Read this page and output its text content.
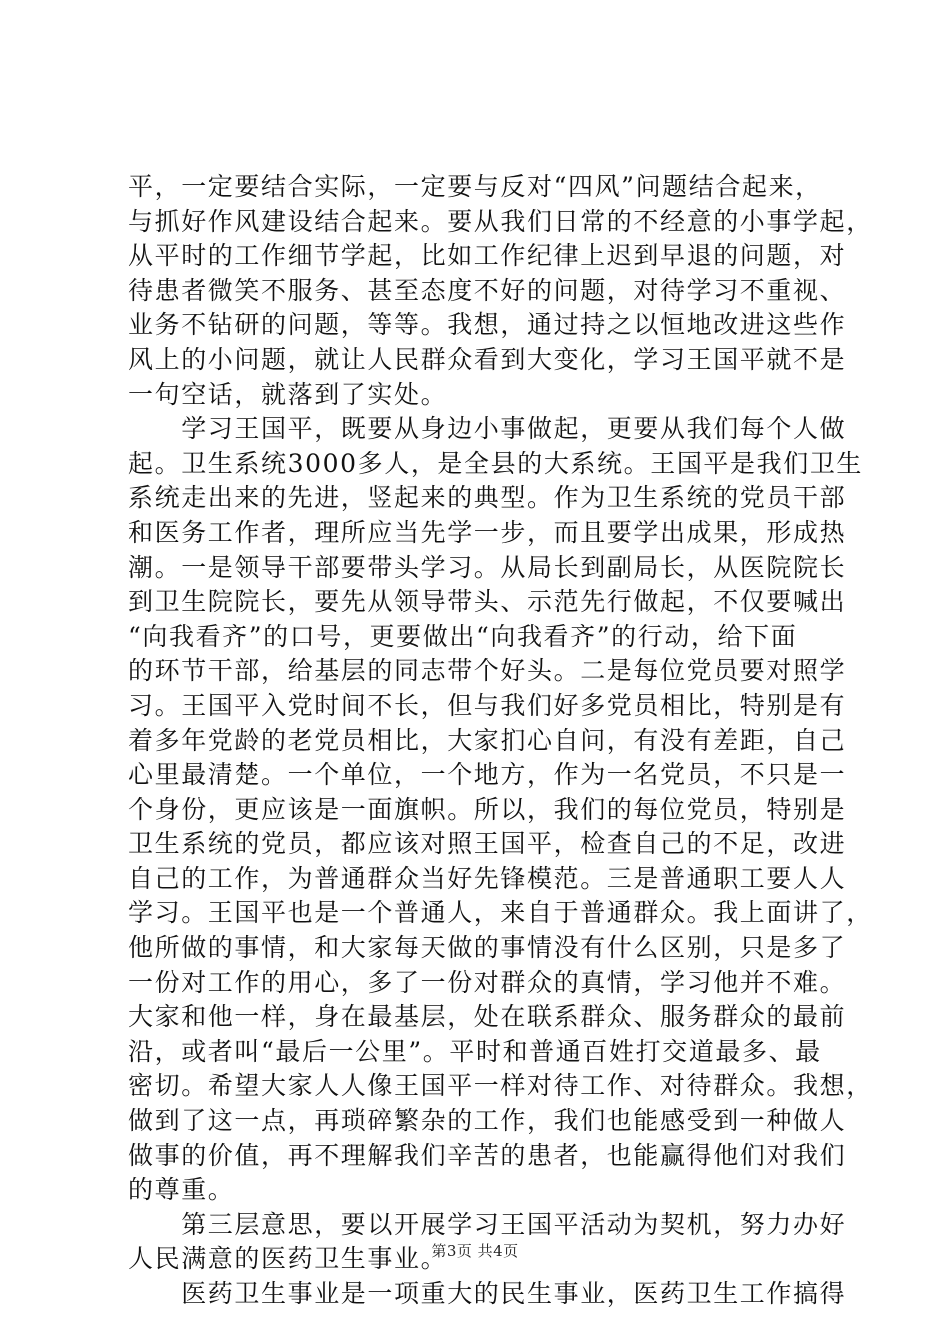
平，一定要结合实际，一定要与反对“四风”问题结合起来，
与抓好作风建设结合起来。要从我们日常的不经意的小事学起，
从平时的工作细节学起，比如工作纪律上迟到早退的问题，对
待患者微笑不服务、甚至态度不好的问题，对待学习不重视、
业务不钻研的问题，等等。我想，通过持之以恒地改进这些作
风上的小问题，就让人民群众看到大变化，学习王国平就不是
一句空话，就落到了实处。
　　学习王国平，既要从身边小事做起，更要从我们每个人做
起。卫生系统3000多人，是全县的大系统。王国平是我们卫生
系统走出来的先进，竖起来的典型。作为卫生系统的党员干部
和医务工作者，理所应当先学一步，而且要学出成果，形成热
潮。一是领导干部要带头学习。从局长到副局长，从医院院长
到卫生院院长，要先从领导带头、示范先行做起，不仅要喊出
“向我看齐”的口号，更要做出“向我看齐”的行动，给下面
的环节干部，给基层的同志带个好头。二是每位党员要对照学
习。王国平入党时间不长，但与我们好多党员相比，特别是有
着多年党龄的老党员相比，大家扪心自问，有没有差距，自己
心里最清楚。一个单位，一个地方，作为一名党员，不只是一
个身份，更应该是一面旗帜。所以，我们的每位党员，特别是
卫生系统的党员，都应该对照王国平，检查自己的不足，改进
自己的工作，为普通群众当好先锋模范。三是普通职工要人人
学习。王国平也是一个普通人，来自于普通群众。我上面讲了，
他所做的事情，和大家每天做的事情没有什么区别，只是多了
一份对工作的用心，多了一份对群众的真情，学习他并不难。
大家和他一样，身在最基层，处在联系群众、服务群众的最前
沿，或者叫“最后一公里”。平时和普通百姓打交道最多、最
密切。希望大家人人像王国平一样对待工作、对待群众。我想，
做到了这一点，再琐碎繁杂的工作，我们也能感受到一种做人
做事的价值，再不理解我们辛苦的患者，也能赢得他们对我们
的尊重。
　　第三层意思，要以开展学习王国平活动为契机，努力办好
人民满意的医药卫生事业。
　　医药卫生事业是一项重大的民生事业，医药卫生工作搞得
第3页 共4页
